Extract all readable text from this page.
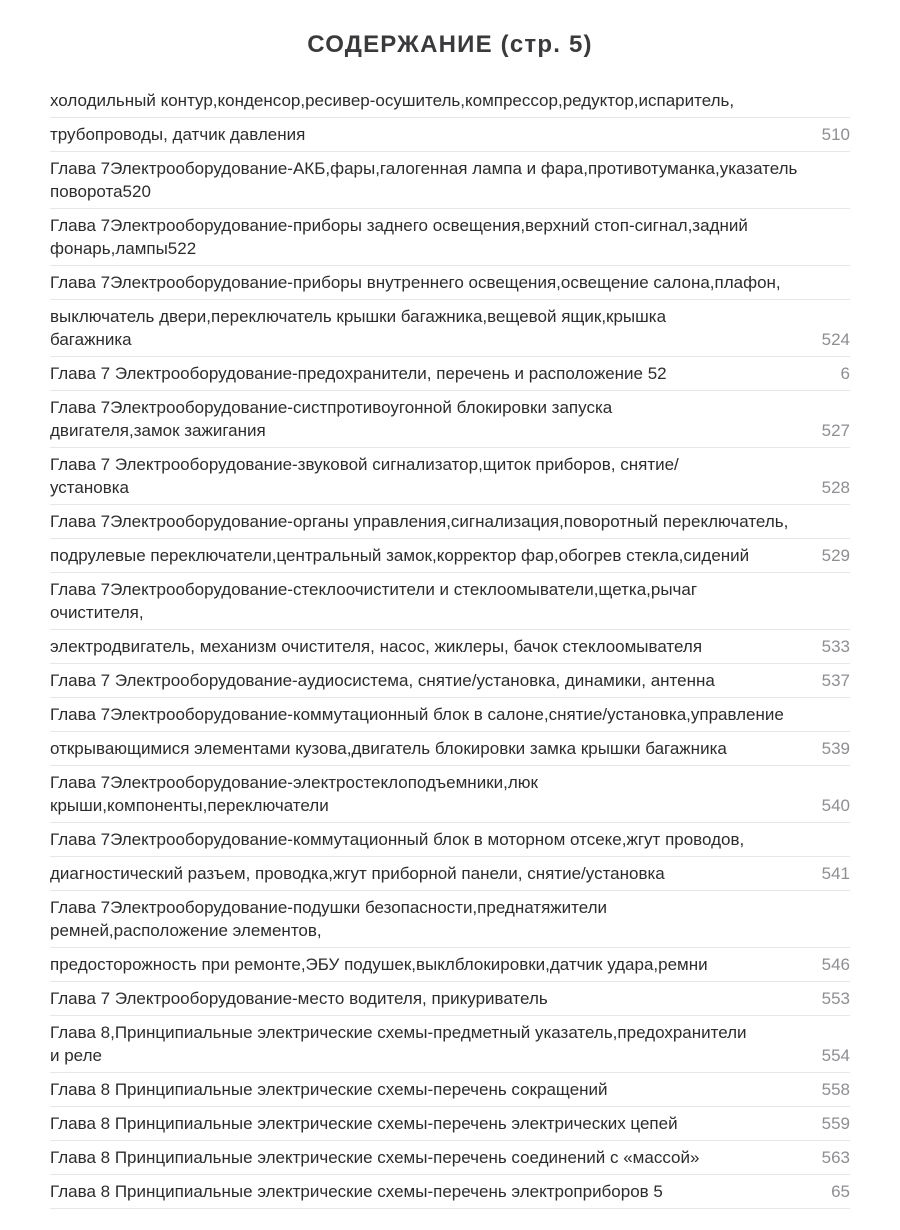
СОДЕРЖАНИЕ (стр. 5)
холодильный контур,конденсор,ресивер-осушитель,компрессор,редуктор,испаритель,
трубопроводы, датчик давления	510
Глава 7Электрооборудование-АКБ,фары,галогенная лампа и фара,противотуманка,указатель
поворота520
Глава 7Электрооборудование-приборы заднего освещения,верхний стоп-сигнал,задний
фонарь,лампы522
Глава 7Электрооборудование-приборы внутреннего освещения,освещение салона,плафон,
выключатель двери,переключатель крышки багажника,вещевой ящик,крышка
багажника	524
Глава 7 Электрооборудование-предохранители, перечень и расположение 52	6
Глава 7Электрооборудование-систпротивоугонной блокировки запуска
двигателя,замок зажигания	527
Глава 7 Электрооборудование-звуковой сигнализатор,щиток приборов, снятие/
установка	528
Глава 7Электрооборудование-органы управления,сигнализация,поворотный переключатель,
подрулевые переключатели,центральный замок,корректор фар,обогрев стекла,сидений	529
Глава 7Электрооборудование-стеклоочистители и стеклоомыватели,щетка,рычаг
очистителя,
электродвигатель, механизм очистителя, насос, жиклеры, бачок стеклоомывателя	533
Глава 7 Электрооборудование-аудиосистема, снятие/установка, динамики, антенна	537
Глава 7Электрооборудование-коммутационный блок в салоне,снятие/установка,управление
открывающимися элементами кузова,двигатель блокировки замка крышки багажника	539
Глава 7Электрооборудование-электростеклоподъемники,люк
крыши,компоненты,переключатели	540
Глава 7Электрооборудование-коммутационный блок в моторном отсеке,жгут проводов,
диагностический разъем, проводка,жгут приборной панели, снятие/установка	541
Глава 7Электрооборудование-подушки безопасности,преднатяжители
ремней,расположение элементов,
предосторожность при ремонте,ЭБУ подушек,выклблокировки,датчик удара,ремни	546
Глава 7 Электрооборудование-место водителя, прикуриватель	553
Глава 8,Принципиальные электрические схемы-предметный указатель,предохранители
и реле	554
Глава 8 Принципиальные электрические схемы-перечень сокращений	558
Глава 8 Принципиальные электрические схемы-перечень электрических цепей	559
Глава 8 Принципиальные электрические схемы-перечень соединений с «массой»	563
Глава 8 Принципиальные электрические схемы-перечень электроприборов 5	65
